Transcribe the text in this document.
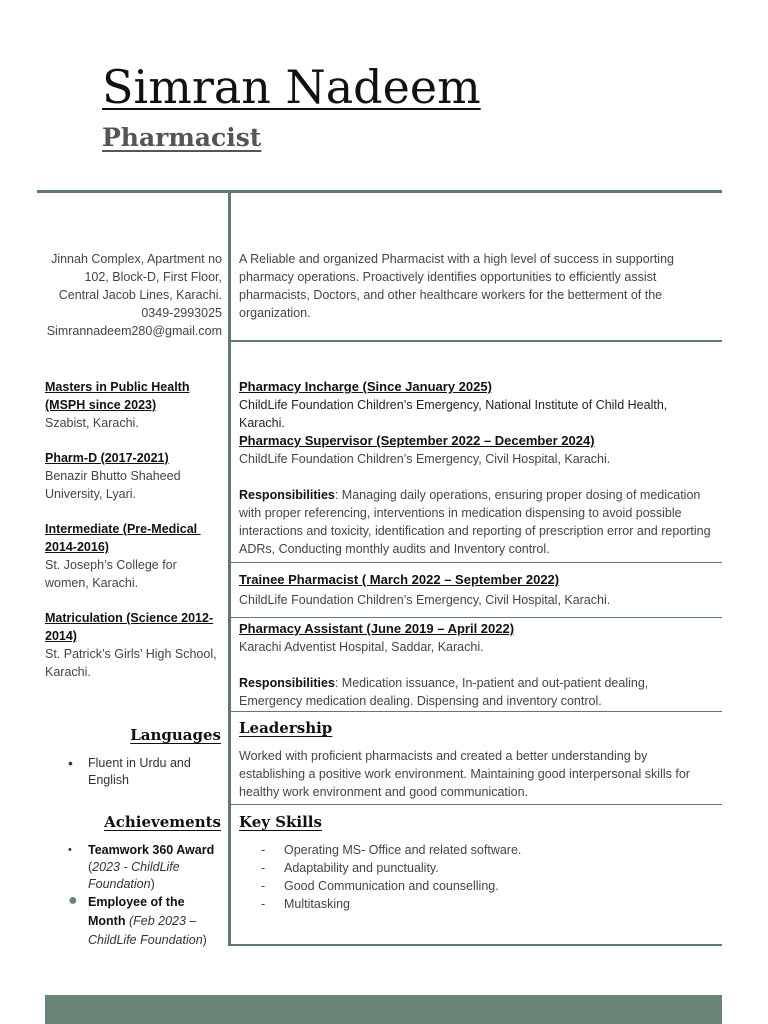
Simran Nadeem
Pharmacist
Jinnah Complex, Apartment no
102, Block-D, First Floor,
Central Jacob Lines, Karachi.
0349-2993025
Simrannadeem280@gmail.com
A Reliable and organized Pharmacist with a high level of success in supporting pharmacy operations. Proactively identifies opportunities to efficiently assist pharmacists, Doctors, and other healthcare workers for the betterment of the organization.
Masters in Public Health
(MSPH since 2023)
Szabist, Karachi.
Pharm-D (2017-2021)
Benazir Bhutto Shaheed
University, Lyari.
Intermediate (Pre-Medical
2014-2016)
St. Joseph’s College for
women, Karachi.
Matriculation (Science 2012-
2014)
St. Patrick’s Girls’ High School,
Karachi.
Pharmacy Incharge (Since January 2025)
ChildLife Foundation Children’s Emergency, National Institute of Child Health,
Karachi.
Pharmacy Supervisor (September 2022 – December 2024)
ChildLife Foundation Children’s Emergency, Civil Hospital, Karachi.
Responsibilities: Managing daily operations, ensuring proper dosing of medication with proper referencing, interventions in medication dispensing to avoid possible interactions and toxicity, identification and reporting of prescription error and reporting ADRs, Conducting monthly audits and Inventory control.
Trainee Pharmacist ( March 2022 – September 2022)
ChildLife Foundation Children’s Emergency, Civil Hospital, Karachi.
Pharmacy Assistant (June 2019 – April 2022)
Karachi Adventist Hospital, Saddar, Karachi.
Responsibilities: Medication issuance, In-patient and out-patient dealing, Emergency medication dealing. Dispensing and inventory control.
Leadership
Worked with proficient pharmacists and created a better understanding by establishing a positive work environment. Maintaining good interpersonal skills for healthy work environment and good communication.
Languages
• Fluent in Urdu and English
Achievements
• Teamwork 360 Award (2023 - ChildLife Foundation)
● Employee of the Month (Feb 2023 – ChildLife Foundation)
Key Skills
- Operating MS- Office and related software.
- Adaptability and punctuality.
- Good Communication and counselling.
- Multitasking
